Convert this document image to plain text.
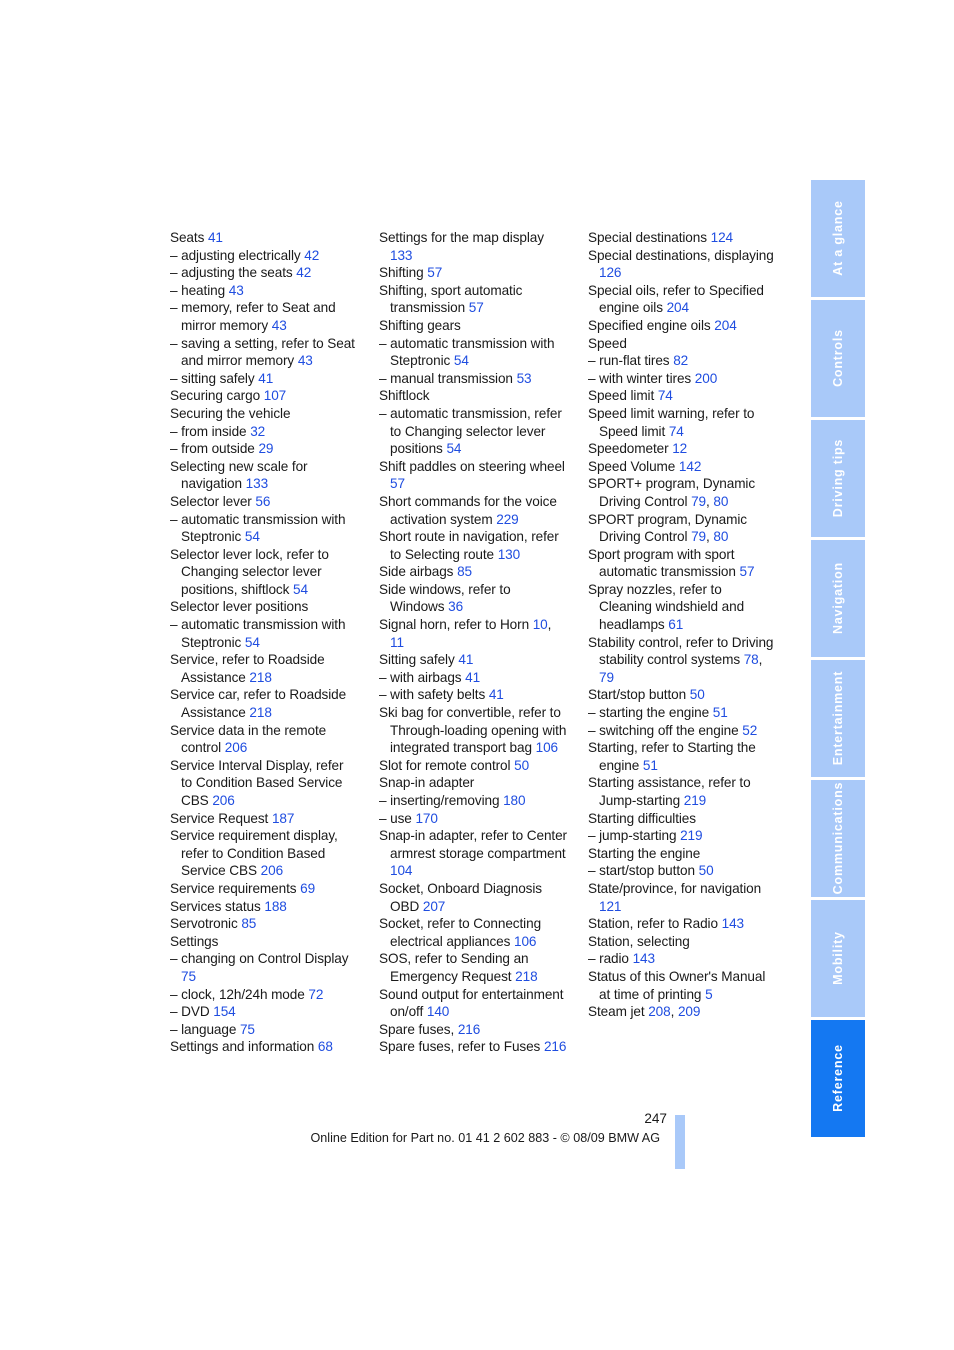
Seats 41

– adjusting electrically 42

– adjusting the seats 42

– heating 43

– memory, refer to Seat and mirror memory 43

– saving a setting, refer to Seat and mirror memory 43

– sitting safely 41

Securing cargo 107

Securing the vehicle

– from inside 32

– from outside 29

Selecting new scale for navigation 133

Selector lever 56

– automatic transmission with Steptronic 54

Selector lever lock, refer to Changing selector lever positions, shiftlock 54

Selector lever positions

– automatic transmission with Steptronic 54

Service, refer to Roadside Assistance 218

Service car, refer to Roadside Assistance 218

Service data in the remote control 206

Service Interval Display, refer to Condition Based Service CBS 206

Service Request 187

Service requirement display, refer to Condition Based Service CBS 206

Service requirements 69

Services status 188

Servotronic 85

Settings

– changing on Control Display 75

– clock, 12h/24h mode 72

– DVD 154

– language 75

Settings and information 68

Settings for the map display 133

Shifting 57

Shifting, sport automatic transmission 57

Shifting gears

– automatic transmission with Steptronic 54

– manual transmission 53

Shiftlock

– automatic transmission, refer to Changing selector lever positions 54

Shift paddles on steering wheel 57

Short commands for the voice activation system 229

Short route in navigation, refer to Selecting route 130

Side airbags 85

Side windows, refer to Windows 36

Signal horn, refer to Horn 10, 11

Sitting safely 41

– with airbags 41

– with safety belts 41

Ski bag for convertible, refer to Through-loading opening with integrated transport bag 106

Slot for remote control 50

Snap-in adapter

– inserting/removing 180

– use 170

Snap-in adapter, refer to Center armrest storage compartment 104

Socket, Onboard Diagnosis OBD 207

Socket, refer to Connecting electrical appliances 106

SOS, refer to Sending an Emergency Request 218

Sound output for entertainment on/off 140

Spare fuses, 216

Spare fuses, refer to Fuses 216

Special destinations 124

Special destinations, displaying 126

Special oils, refer to Specified engine oils 204

Specified engine oils 204

Speed

– run-flat tires 82

– with winter tires 200

Speed limit 74

Speed limit warning, refer to Speed limit 74

Speedometer 12

Speed Volume 142

SPORT+ program, Dynamic Driving Control 79, 80

SPORT program, Dynamic Driving Control 79, 80

Sport program with sport automatic transmission 57

Spray nozzles, refer to Cleaning windshield and headlamps 61

Stability control, refer to Driving stability control systems 78, 79

Start/stop button 50

– starting the engine 51

– switching off the engine 52

Starting, refer to Starting the engine 51

Starting assistance, refer to Jump-starting 219

Starting difficulties

– jump-starting 219

Starting the engine

– start/stop button 50

State/province, for navigation 121

Station, refer to Radio 143

Station, selecting

– radio 143

Status of this Owner's Manual at time of printing 5

Steam jet 208, 209

At a glance
Controls
Driving tips
Navigation
Entertainment
Communications
Mobility
Reference
247
Online Edition for Part no. 01 41 2 602 883 - © 08/09 BMW AG
